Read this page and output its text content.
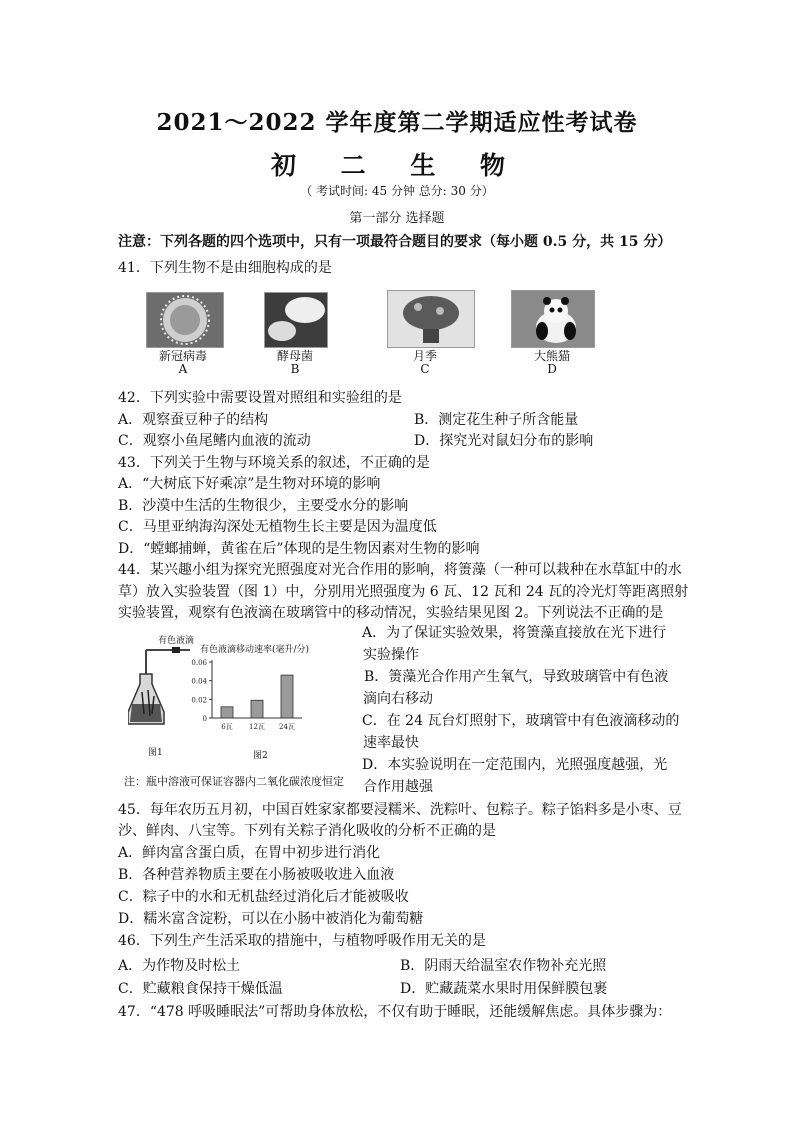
2021～2022 学年度第二学期适应性考试卷
初 二 生 物
（ 考试时间: 45 分钟 总分: 30 分）
第一部分 选择题
注意：下列各题的四个选项中，只有一项最符合题目的要求（每小题 0.5 分，共 15 分）
41．下列生物不是由细胞构成的是
新冠病毒
A
酵母菌
B
月季
C
大熊猫
D
42．下列实验中需要设置对照组和实验组的是
A．观察蚕豆种子的结构	B．测定花生种子所含能量
C．观察小鱼尾鳍内血液的流动	D．探究光对鼠妇分布的影响
43．下列关于生物与环境关系的叙述，不正确的是
A．“大树底下好乘凉”是生物对环境的影响
B．沙漠中生活的生物很少，主要受水分的影响
C．马里亚纳海沟深处无植物生长主要是因为温度低
D．“螳螂捕蝉，黄雀在后”体现的是生物因素对生物的影响
44．某兴趣小组为探究光照强度对光合作用的影响，将箦藻（一种可以栽种在水草缸中的水
草）放入实验装置（图 1）中，分别用光照强度为 6 瓦、12 瓦和 24 瓦的冷光灯等距离照射
实验装置，观察有色液滴在玻璃管中的移动情况，实验结果见图 2。下列说法不正确的是
有色液滴
图1
有色液滴移动速率(毫升/分)
0
0.02
0.04
0.06
6瓦 12瓦 24瓦
图2
注：瓶中溶液可保证容器内二氧化碳浓度恒定
A．为了保证实验效果，将箦藻直接放在光下进行
实验操作
B．箦藻光合作用产生氧气，导致玻璃管中有色液
滴向右移动
C．在 24 瓦台灯照射下，玻璃管中有色液滴移动的
速率最快
D．本实验说明在一定范围内，光照强度越强，光
合作用越强
45．每年农历五月初，中国百姓家家都要浸糯米、洗粽叶、包粽子。粽子馅料多是小枣、豆
沙、鲜肉、八宝等。下列有关粽子消化吸收的分析不正确的是
A．鲜肉富含蛋白质，在胃中初步进行消化
B．各种营养物质主要在小肠被吸收进入血液
C．粽子中的水和无机盐经过消化后才能被吸收
D．糯米富含淀粉，可以在小肠中被消化为葡萄糖
46．下列生产生活采取的措施中，与植物呼吸作用无关的是
A．为作物及时松土	B．阴雨天给温室农作物补充光照
C．贮藏粮食保持干燥低温	D．贮藏蔬菜水果时用保鲜膜包裹
47．“478 呼吸睡眠法”可帮助身体放松，不仅有助于睡眠，还能缓解焦虑。具体步骤为：
